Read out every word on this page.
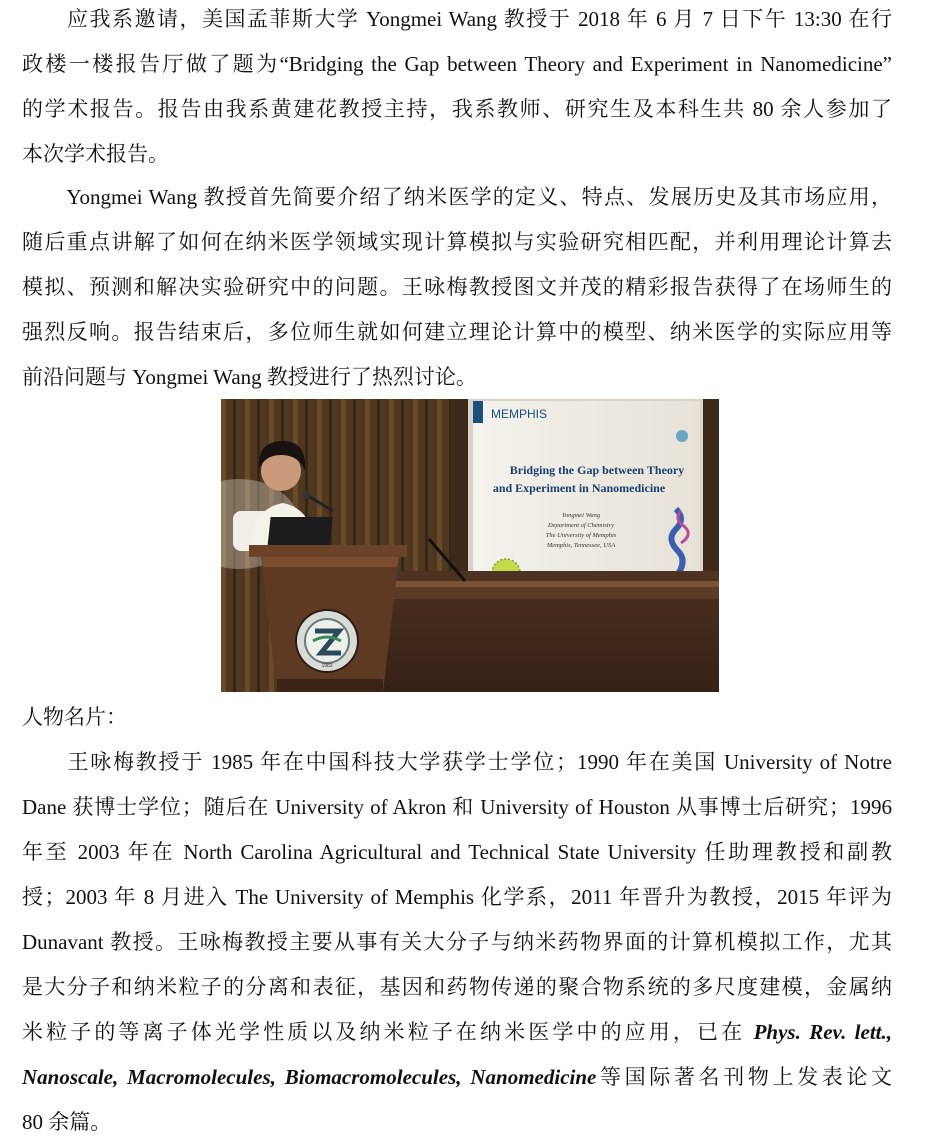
　　应我系邀请，美国孟菲斯大学 Yongmei Wang 教授于 2018 年 6 月 7 日下午 13:30 在行
政楼一楼报告厅做了题为“Bridging the Gap between Theory and Experiment in Nanomedicine”
的学术报告。报告由我系黄建花教授主持，我系教师、研究生及本科生共 80 余人参加了
本次学术报告。
　　Yongmei Wang 教授首先简要介绍了纳米医学的定义、特点、发展历史及其市场应用，
随后重点讲解了如何在纳米医学领域实现计算模拟与实验研究相匹配，并利用理论计算去
模拟、预测和解决实验研究中的问题。王咏梅教授图文并茂的精彩报告获得了在场师生的
强烈反响。报告结束后，多位师生就如何建立理论计算中的模型、纳米医学的实际应用等
前沿问题与 Yongmei Wang 教授进行了热烈讨论。
MEMPHIS
Bridging the Gap between Theory
and Experiment in Nanomedicine
Yongmei Wang
Department of Chemistry
The University of Memphis
Memphis, Tennessee, USA
1983
人物名片：
　　王咏梅教授于 1985 年在中国科技大学获学士学位；1990 年在美国 University of Notre
Dane 获博士学位；随后在 University of Akron 和 University of Houston 从事博士后研究；1996
年至 2003 年在 North Carolina Agricultural and Technical State University 任助理教授和副教
授；2003 年 8 月进入 The University of Memphis 化学系，2011 年晋升为教授，2015 年评为
Dunavant 教授。王咏梅教授主要从事有关大分子与纳米药物界面的计算机模拟工作，尤其
是大分子和纳米粒子的分离和表征，基因和药物传递的聚合物系统的多尺度建模，金属纳
米粒子的等离子体光学性质以及纳米粒子在纳米医学中的应用，已在 Phys. Rev. lett.,
Nanoscale, Macromolecules, Biomacromolecules, Nanomedicine等国际著名刊物上发表论文
80 余篇。
